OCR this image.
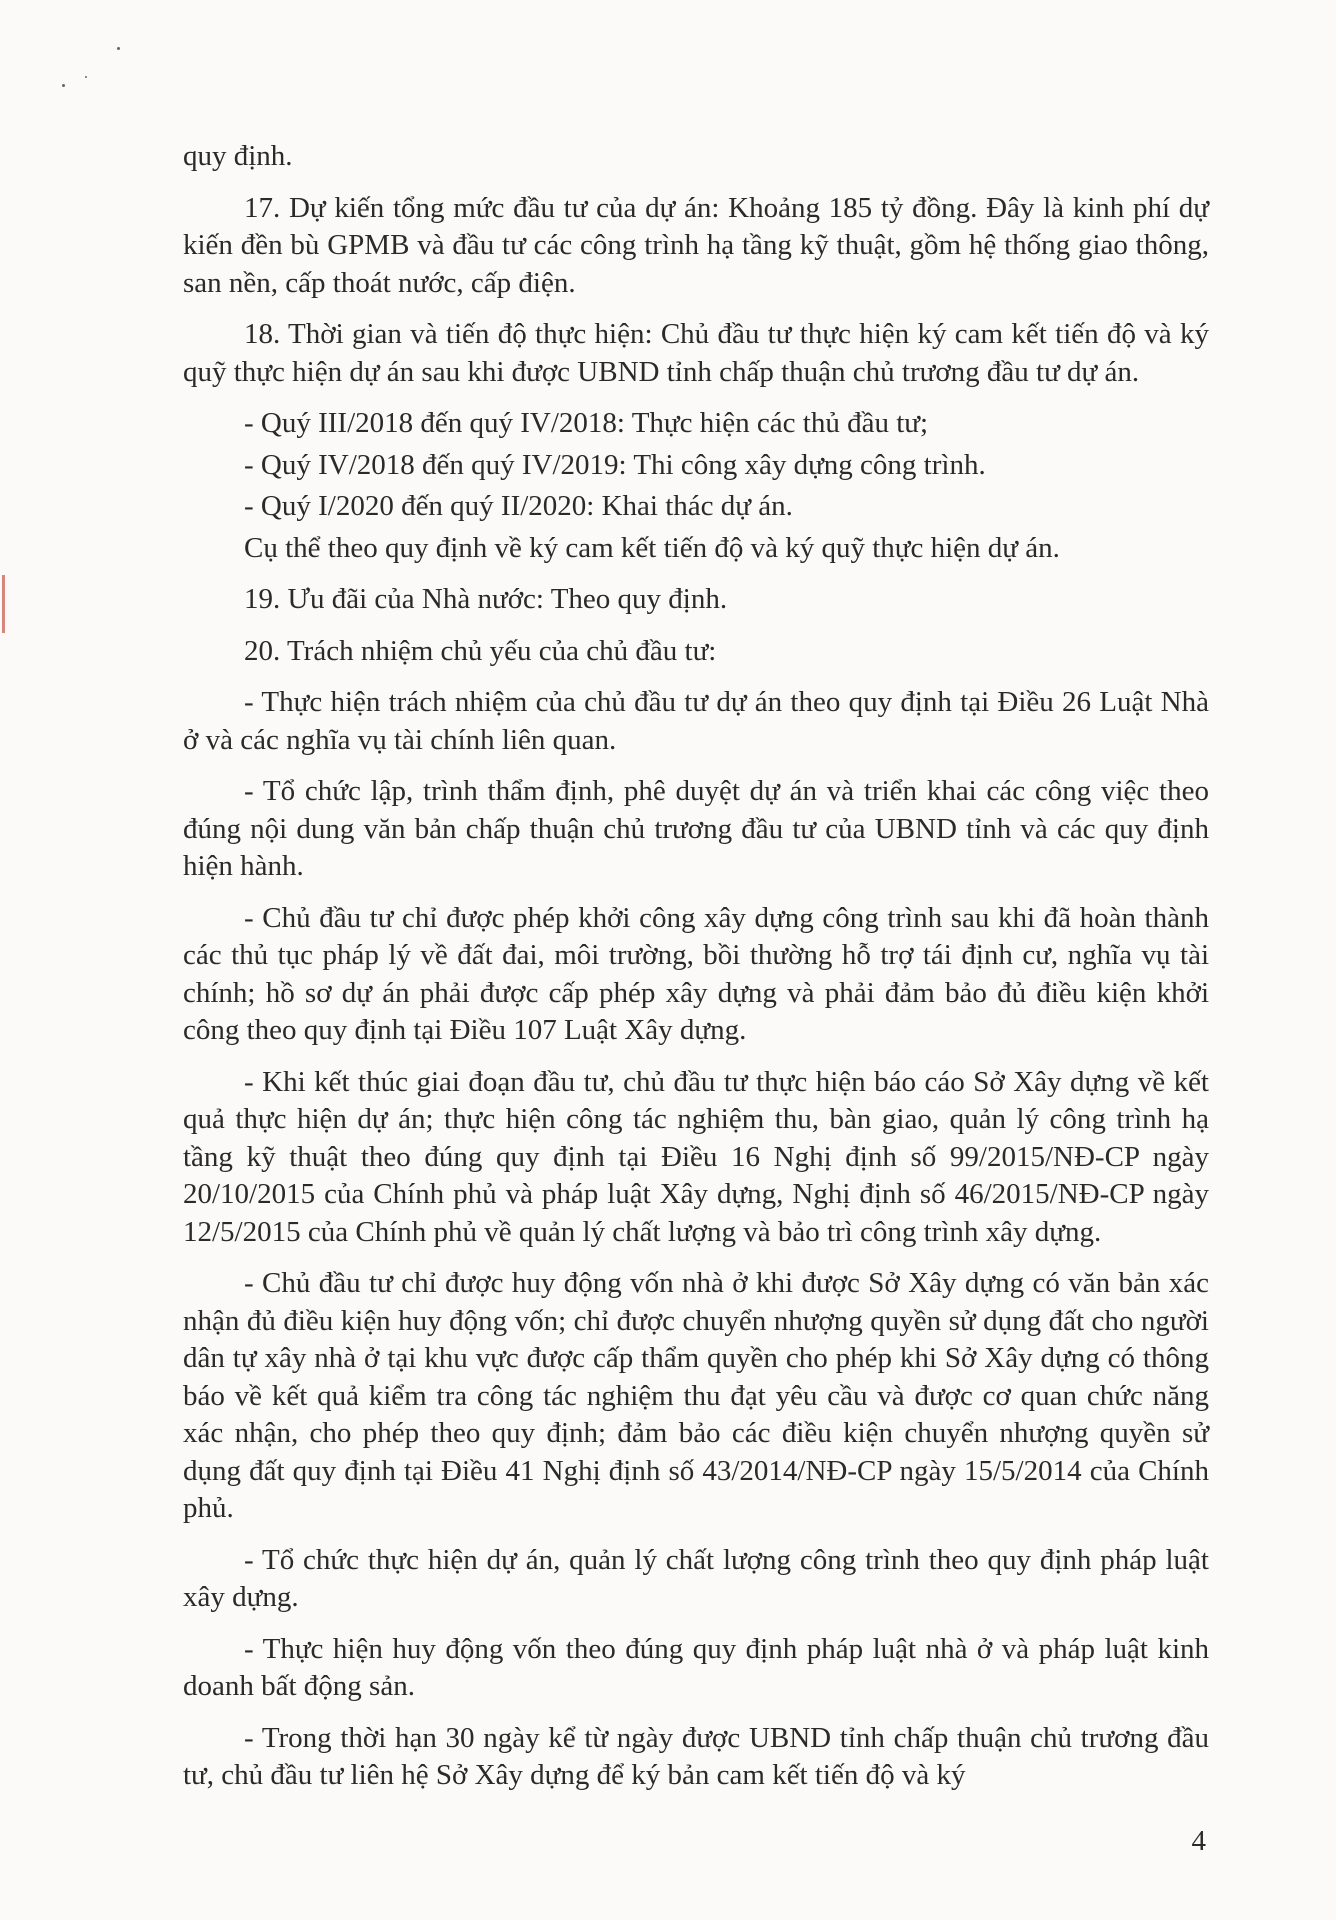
quy định.

17. Dự kiến tổng mức đầu tư của dự án: Khoảng 185 tỷ đồng. Đây là kinh phí dự kiến đền bù GPMB và đầu tư các công trình hạ tầng kỹ thuật, gồm hệ thống giao thông, san nền, cấp thoát nước, cấp điện.

18. Thời gian và tiến độ thực hiện: Chủ đầu tư thực hiện ký cam kết tiến độ và ký quỹ thực hiện dự án sau khi được UBND tỉnh chấp thuận chủ trương đầu tư dự án.

- Quý III/2018 đến quý IV/2018: Thực hiện các thủ đầu tư;

- Quý IV/2018 đến quý IV/2019: Thi công xây dựng công trình.

- Quý I/2020 đến quý II/2020: Khai thác dự án.

Cụ thể theo quy định về ký cam kết tiến độ và ký quỹ thực hiện dự án.

19. Ưu đãi của Nhà nước: Theo quy định.

20. Trách nhiệm chủ yếu của chủ đầu tư:

- Thực hiện trách nhiệm của chủ đầu tư dự án theo quy định tại Điều 26 Luật Nhà ở và các nghĩa vụ tài chính liên quan.

- Tổ chức lập, trình thẩm định, phê duyệt dự án và triển khai các công việc theo đúng nội dung văn bản chấp thuận chủ trương đầu tư của UBND tỉnh và các quy định hiện hành.

- Chủ đầu tư chỉ được phép khởi công xây dựng công trình sau khi đã hoàn thành các thủ tục pháp lý về đất đai, môi trường, bồi thường hỗ trợ tái định cư, nghĩa vụ tài chính; hồ sơ dự án phải được cấp phép xây dựng và phải đảm bảo đủ điều kiện khởi công theo quy định tại Điều 107 Luật Xây dựng.

- Khi kết thúc giai đoạn đầu tư, chủ đầu tư thực hiện báo cáo Sở Xây dựng về kết quả thực hiện dự án; thực hiện công tác nghiệm thu, bàn giao, quản lý công trình hạ tầng kỹ thuật theo đúng quy định tại Điều 16 Nghị định số 99/2015/NĐ-CP ngày 20/10/2015 của Chính phủ và pháp luật Xây dựng, Nghị định số 46/2015/NĐ-CP ngày 12/5/2015 của Chính phủ về quản lý chất lượng và bảo trì công trình xây dựng.

- Chủ đầu tư chỉ được huy động vốn nhà ở khi được Sở Xây dựng có văn bản xác nhận đủ điều kiện huy động vốn; chỉ được chuyển nhượng quyền sử dụng đất cho người dân tự xây nhà ở tại khu vực được cấp thẩm quyền cho phép khi Sở Xây dựng có thông báo về kết quả kiểm tra công tác nghiệm thu đạt yêu cầu và được cơ quan chức năng xác nhận, cho phép theo quy định; đảm bảo các điều kiện chuyển nhượng quyền sử dụng đất quy định tại Điều 41 Nghị định số 43/2014/NĐ-CP ngày 15/5/2014 của Chính phủ.

- Tổ chức thực hiện dự án, quản lý chất lượng công trình theo quy định pháp luật xây dựng.

- Thực hiện huy động vốn theo đúng quy định pháp luật nhà ở và pháp luật kinh doanh bất động sản.

- Trong thời hạn 30 ngày kể từ ngày được UBND tỉnh chấp thuận chủ trương đầu tư, chủ đầu tư liên hệ Sở Xây dựng để ký bản cam kết tiến độ và ký

4
